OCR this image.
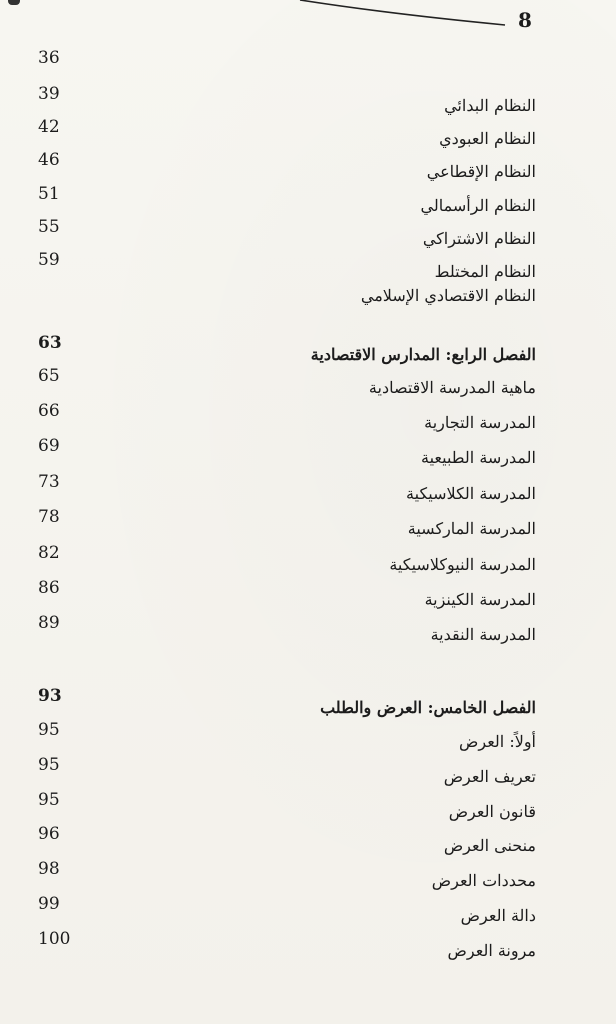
8
36
39
النظام البدائي
42
النظام العبودي
46
النظام الإقطاعي
51
النظام الرأسمالي
55
النظام الاشتراكي
59
النظام المختلط
النظام الاقتصادي الإسلامي
63
الفصل الرابع: المدارس الاقتصادية
65
ماهية المدرسة الاقتصادية
66
المدرسة التجارية
69
المدرسة الطبيعية
73
المدرسة الكلاسيكية
78
المدرسة الماركسية
82
المدرسة النيوكلاسيكية
86
المدرسة الكينزية
89
المدرسة النقدية
93
الفصل الخامس: العرض والطلب
95
أولاً: العرض
95
تعريف العرض
95
قانون العرض
96
منحنى العرض
98
محددات العرض
99
دالة العرض
100
مرونة العرض
